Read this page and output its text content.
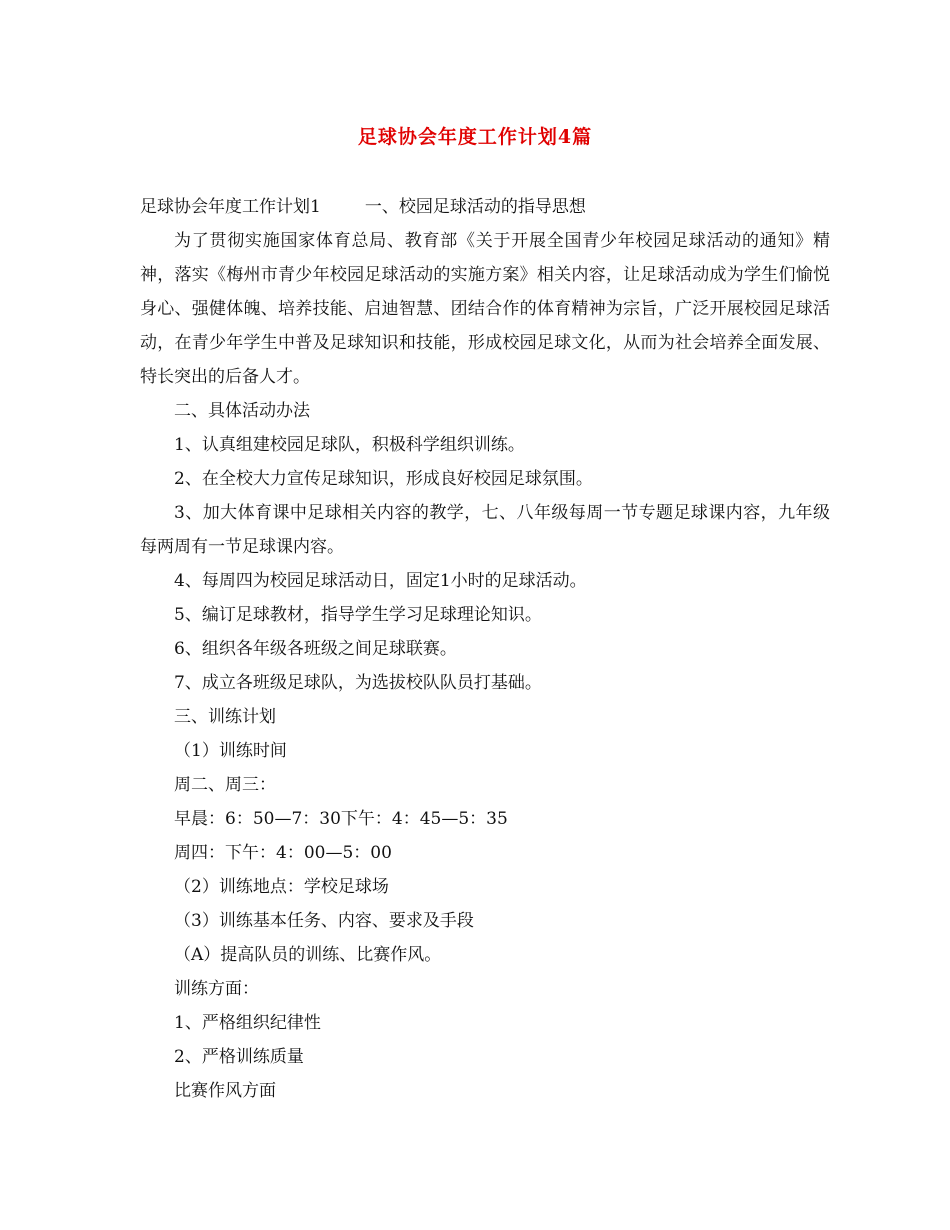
足球协会年度工作计划4篇

足球协会年度工作计划1	一、校园足球活动的指导思想

为了贯彻实施国家体育总局、教育部《关于开展全国青少年校园足球活动的通知》精神，落实《梅州市青少年校园足球活动的实施方案》相关内容，让足球活动成为学生们愉悦身心、强健体魄、培养技能、启迪智慧、团结合作的体育精神为宗旨，广泛开展校园足球活动，在青少年学生中普及足球知识和技能，形成校园足球文化，从而为社会培养全面发展、特长突出的后备人才。

二、具体活动办法

1、认真组建校园足球队，积极科学组织训练。

2、在全校大力宣传足球知识，形成良好校园足球氛围。

3、加大体育课中足球相关内容的教学，七、八年级每周一节专题足球课内容，九年级每两周有一节足球课内容。

4、每周四为校园足球活动日，固定1小时的足球活动。

5、编订足球教材，指导学生学习足球理论知识。

6、组织各年级各班级之间足球联赛。

7、成立各班级足球队，为选拔校队队员打基础。

三、训练计划

（1）训练时间

周二、周三：

早晨：6：50—7：30下午：4：45—5：35

周四：下午：4：00—5：00

（2）训练地点：学校足球场

（3）训练基本任务、内容、要求及手段

（A）提高队员的训练、比赛作风。

训练方面：

1、严格组织纪律性

2、严格训练质量

比赛作风方面
